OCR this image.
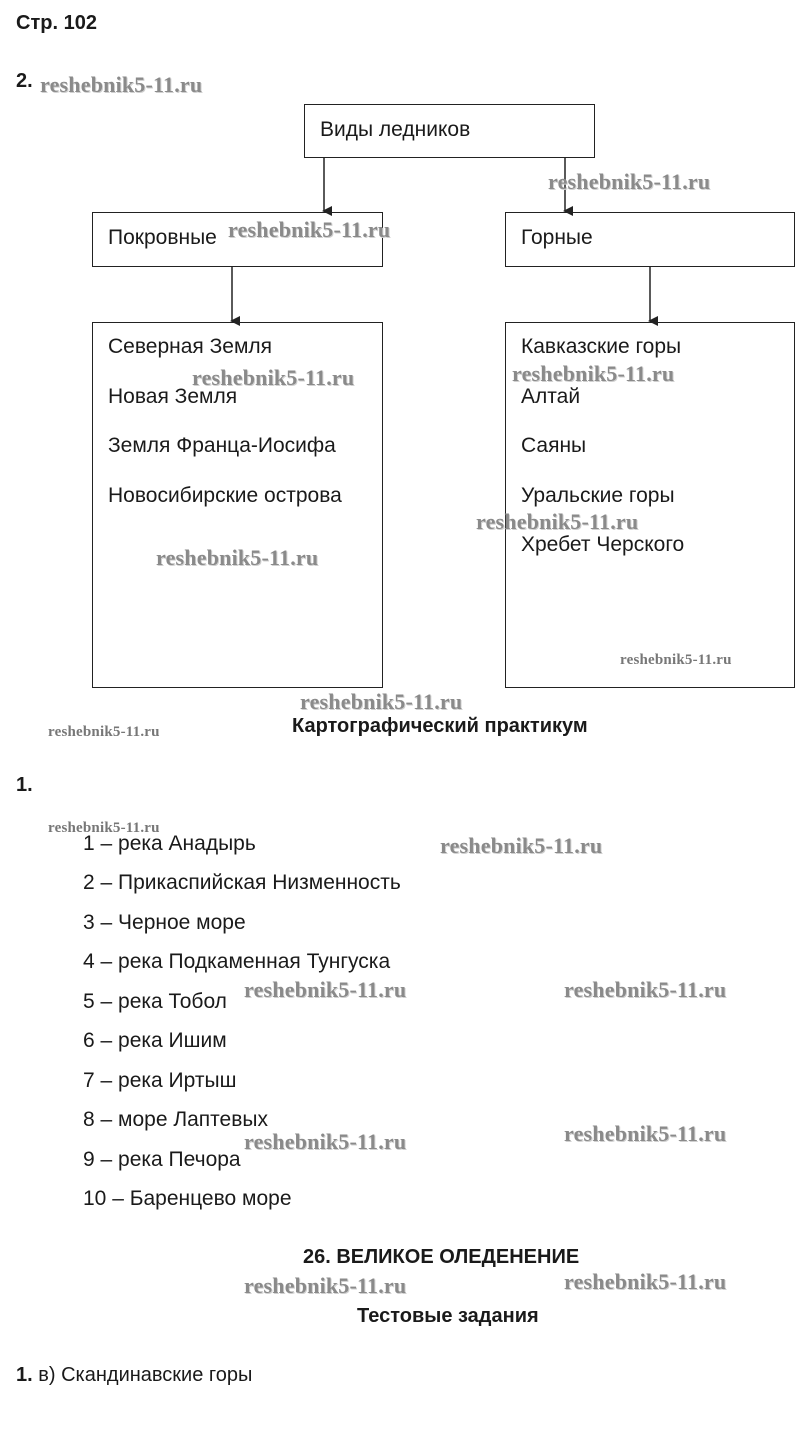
Стр. 102
2.
Виды ледников
Покровные	Горные
Северная Земля
Новая Земля
Земля Франца-Иосифа
Новосибирские острова
Кавказские горы
Алтай
Саяны
Уральские горы
Хребет Черского
Картографический практикум
1.
1 – река Анадырь
2 – Прикаспийская Низменность
3 – Черное море
4 – река Подкаменная Тунгуска
5 – река Тобол
6 – река Ишим
7 – река Иртыш
8 – море Лаптевых
9 – река Печора
10 – Баренцево море
26. ВЕЛИКОЕ ОЛЕДЕНЕНИЕ
Тестовые задания
1. в) Скандинавские горы
reshebnik5-11.ru
reshebnik5-11.ru
reshebnik5-11.ru
reshebnik5-11.ru	reshebnik5-11.ru
reshebnik5-11.ru
reshebnik5-11.ru
reshebnik5-11.ru
reshebnik5-11.ru
reshebnik5-11.ru
reshebnik5-11.ru
reshebnik5-11.ru
reshebnik5-11.ru	reshebnik5-11.ru
reshebnik5-11.ru	reshebnik5-11.ru
reshebnik5-11.ru	reshebnik5-11.ru
